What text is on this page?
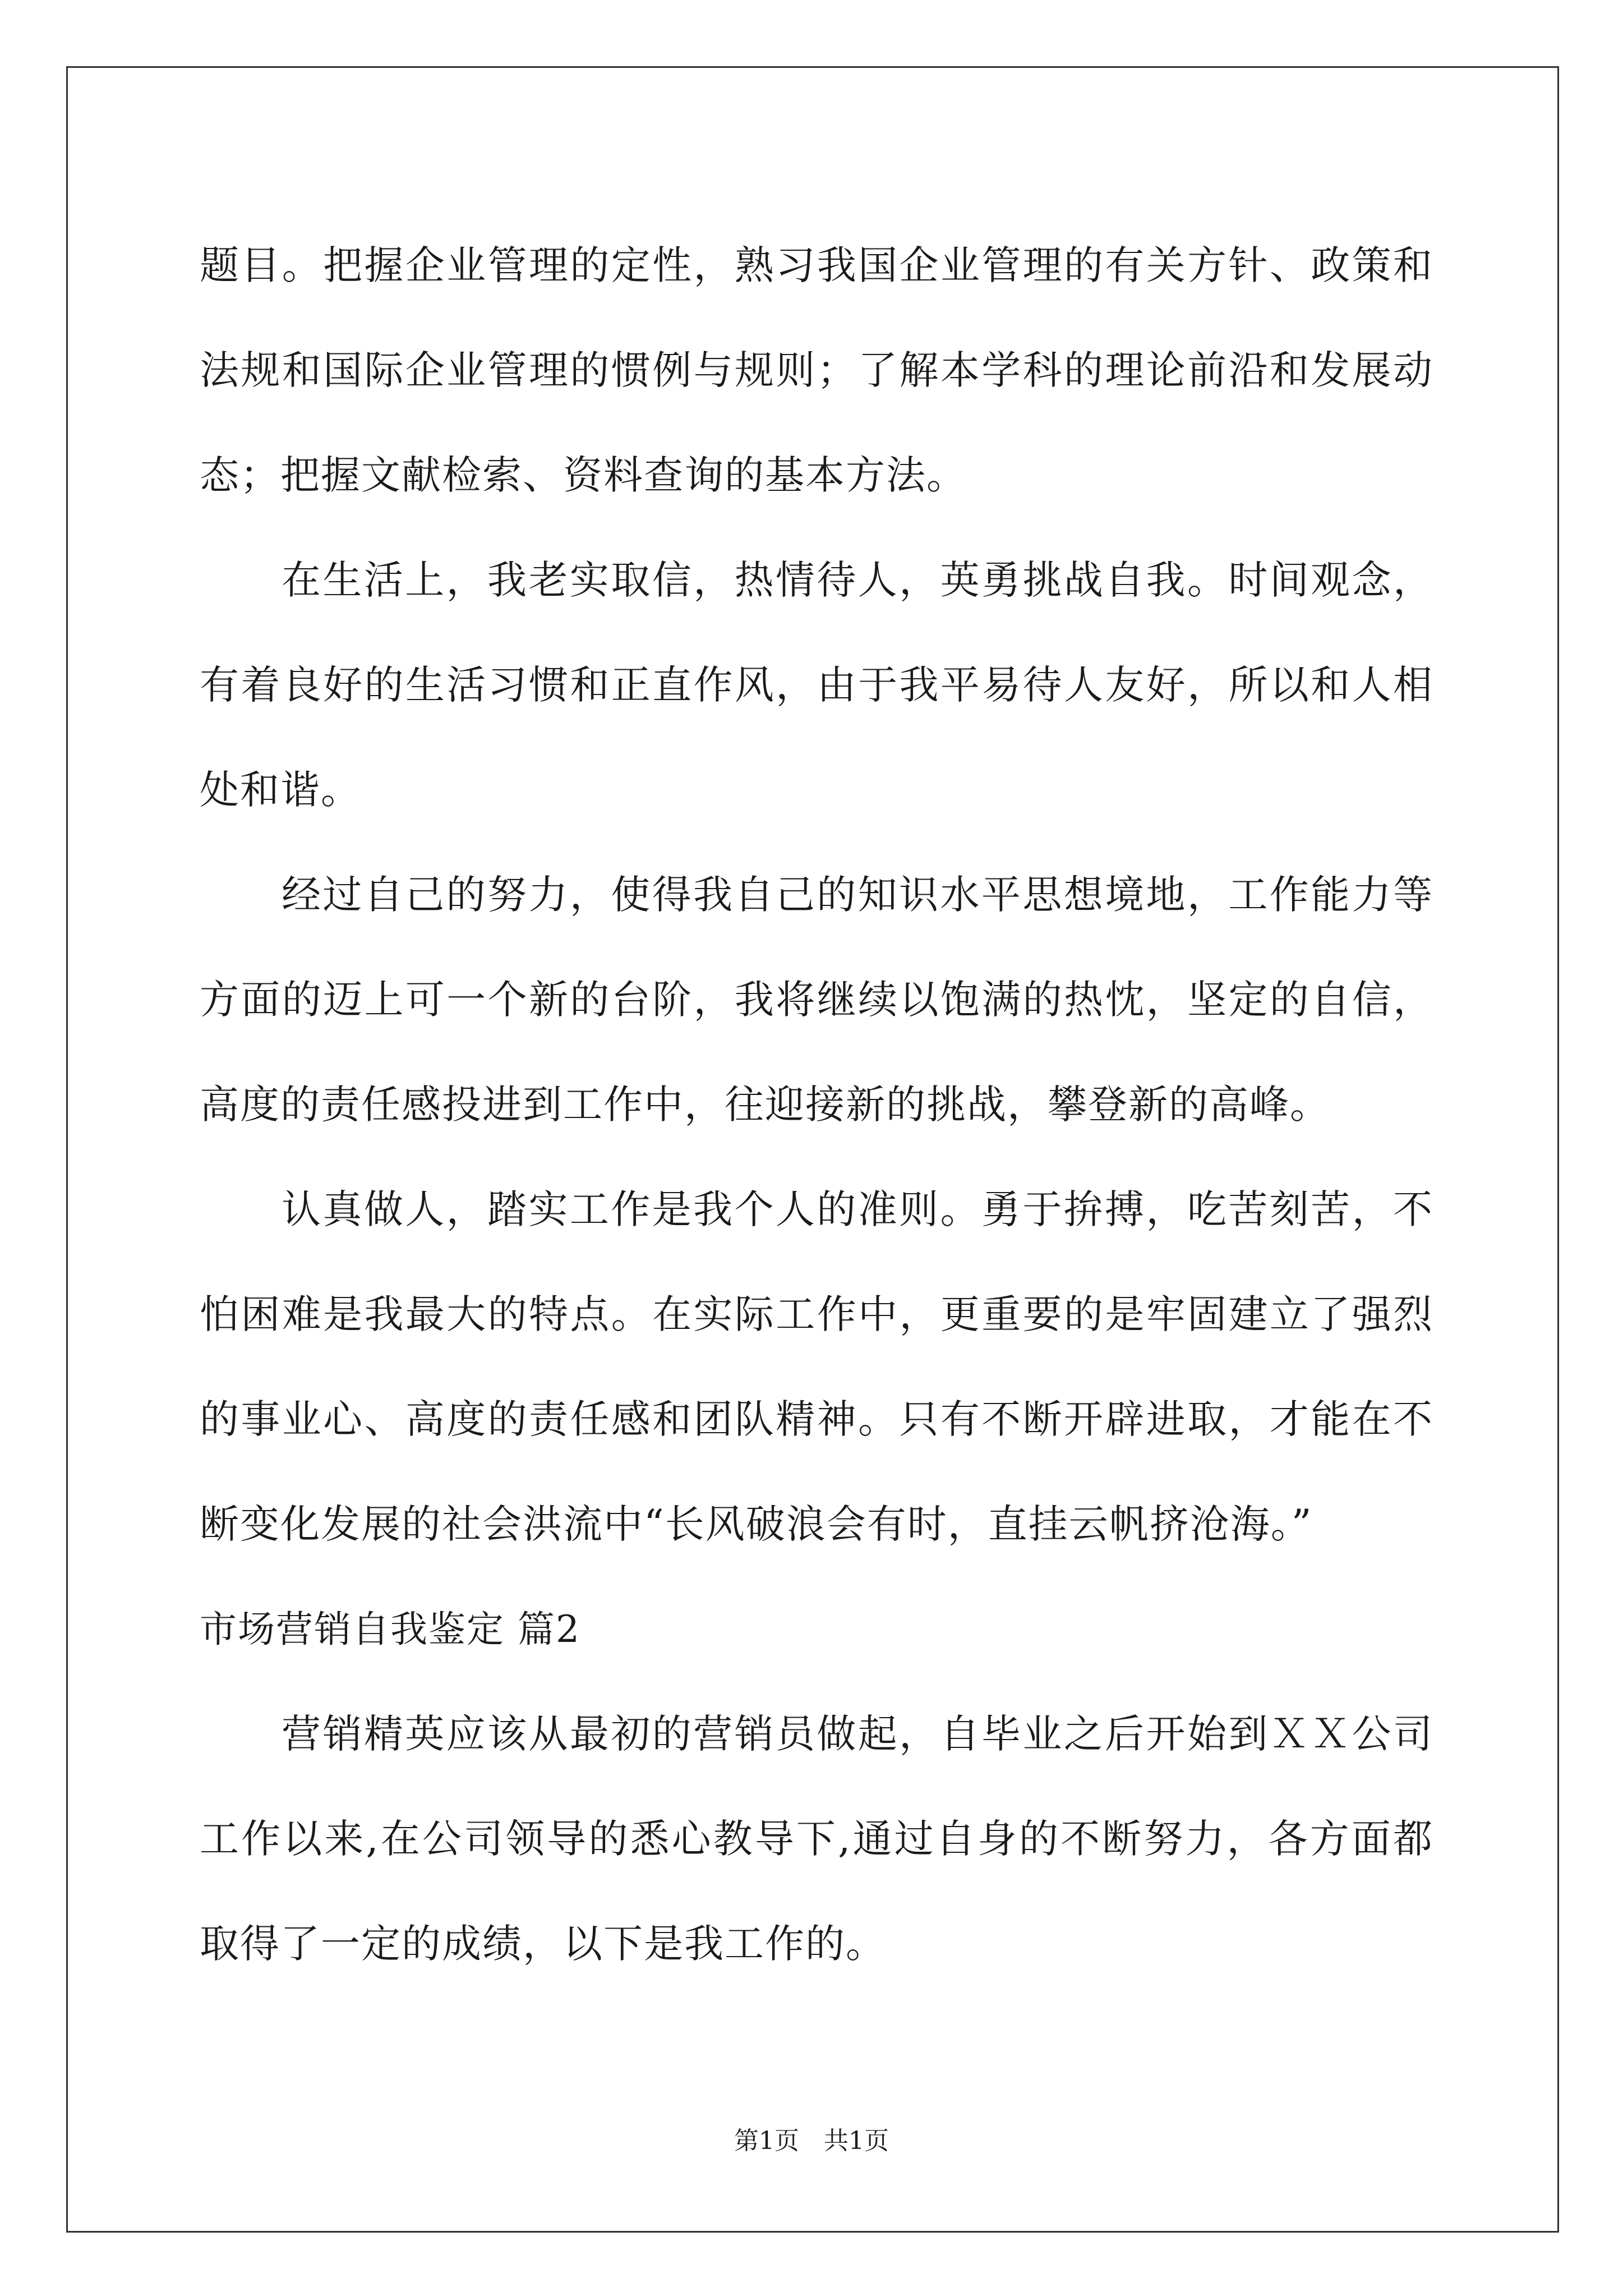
题目。把握企业管理的定性，熟习我国企业管理的有关方针、政策和法规和国际企业管理的惯例与规则；了解本学科的理论前沿和发展动态；把握文献检索、资料查询的基本方法。

在生活上，我老实取信，热情待人，英勇挑战自我。时间观念，有着良好的生活习惯和正直作风，由于我平易待人友好，所以和人相处和谐。

经过自己的努力，使得我自己的知识水平思想境地，工作能力等方面的迈上可一个新的台阶，我将继续以饱满的热忱，坚定的自信，高度的责任感投进到工作中，往迎接新的挑战，攀登新的高峰。

认真做人，踏实工作是我个人的准则。勇于拚搏，吃苦刻苦，不怕困难是我最大的特点。在实际工作中，更重要的是牢固建立了强烈的事业心、高度的责任感和团队精神。只有不断开辟进取，才能在不断变化发展的社会洪流中“长风破浪会有时，直挂云帆挤沧海。”

市场营销自我鉴定 篇2

营销精英应该从最初的营销员做起，自毕业之后开始到ＸＸ公司工作以来,在公司领导的悉心教导下,通过自身的不断努力，各方面都取得了一定的成绩，以下是我工作的。

第1页　共1页
